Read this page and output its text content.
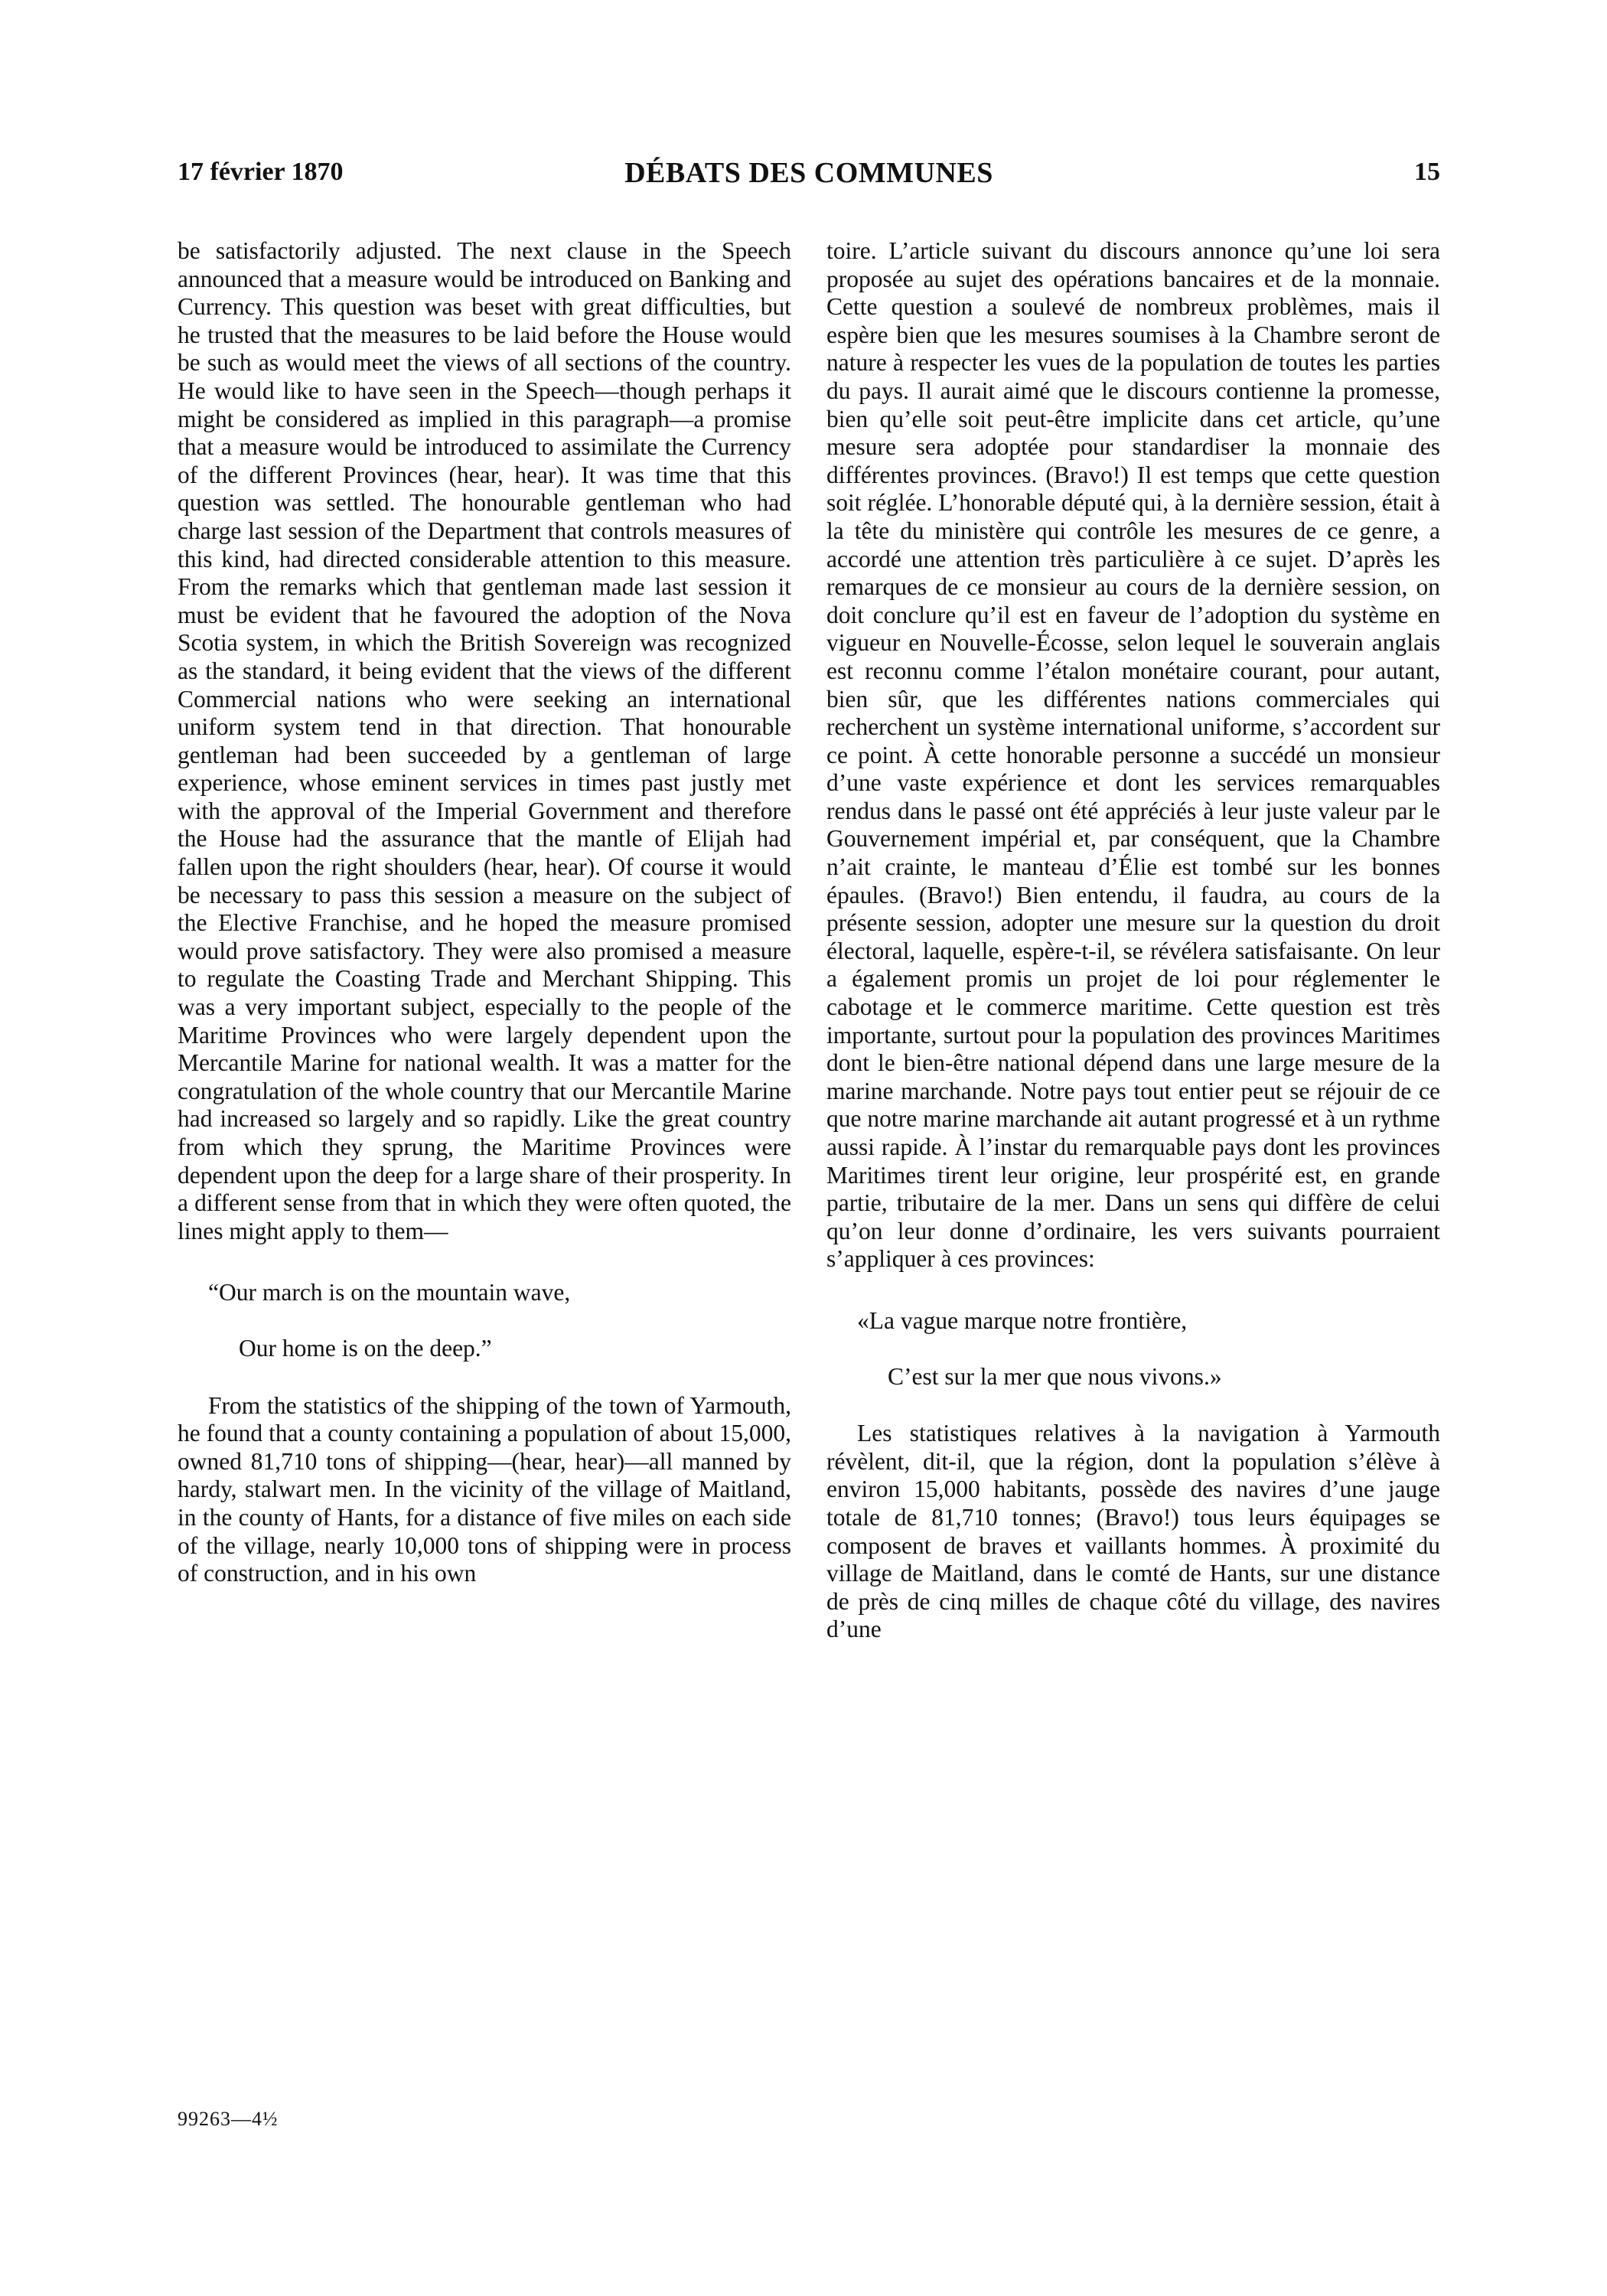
17 février 1870	DÉBATS DES COMMUNES	15

be satisfactorily adjusted. The next clause in the Speech announced that a measure would be introduced on Banking and Currency. This question was beset with great difficulties, but he trusted that the measures to be laid before the House would be such as would meet the views of all sections of the country. He would like to have seen in the Speech—though perhaps it might be considered as implied in this paragraph—a promise that a measure would be introduced to assimilate the Currency of the different Provinces (hear, hear). It was time that this question was settled. The honourable gentleman who had charge last session of the Department that controls measures of this kind, had directed considerable attention to this measure. From the remarks which that gentleman made last session it must be evident that he favoured the adoption of the Nova Scotia system, in which the British Sovereign was recognized as the standard, it being evident that the views of the different Commercial nations who were seeking an international uniform system tend in that direction. That honourable gentleman had been succeeded by a gentleman of large experience, whose eminent services in times past justly met with the approval of the Imperial Government and therefore the House had the assurance that the mantle of Elijah had fallen upon the right shoulders (hear, hear). Of course it would be necessary to pass this session a measure on the subject of the Elective Franchise, and he hoped the measure promised would prove satisfactory. They were also promised a measure to regulate the Coasting Trade and Merchant Shipping. This was a very important subject, especially to the people of the Maritime Provinces who were largely dependent upon the Mercantile Marine for national wealth. It was a matter for the congratulation of the whole country that our Mercantile Marine had increased so largely and so rapidly. Like the great country from which they sprung, the Maritime Provinces were dependent upon the deep for a large share of their prosperity. In a different sense from that in which they were often quoted, the lines might apply to them—

“Our march is on the mountain wave,

Our home is on the deep.”

From the statistics of the shipping of the town of Yarmouth, he found that a county containing a population of about 15,000, owned 81,710 tons of shipping—(hear, hear)—all manned by hardy, stalwart men. In the vicinity of the village of Maitland, in the county of Hants, for a distance of five miles on each side of the village, nearly 10,000 tons of shipping were in process of construction, and in his own

toire. L’article suivant du discours annonce qu’une loi sera proposée au sujet des opérations bancaires et de la monnaie. Cette question a soulevé de nombreux problèmes, mais il espère bien que les mesures soumises à la Chambre seront de nature à respecter les vues de la population de toutes les parties du pays. Il aurait aimé que le discours contienne la promesse, bien qu’elle soit peut-être implicite dans cet article, qu’une mesure sera adoptée pour standardiser la monnaie des différentes provinces. (Bravo!) Il est temps que cette question soit réglée. L’honorable député qui, à la dernière session, était à la tête du ministère qui contrôle les mesures de ce genre, a accordé une attention très particulière à ce sujet. D’après les remarques de ce monsieur au cours de la dernière session, on doit conclure qu’il est en faveur de l’adoption du système en vigueur en Nouvelle-Écosse, selon lequel le souverain anglais est reconnu comme l’étalon monétaire courant, pour autant, bien sûr, que les différentes nations commerciales qui recherchent un système international uniforme, s’accordent sur ce point. À cette honorable personne a succédé un monsieur d’une vaste expérience et dont les services remarquables rendus dans le passé ont été appréciés à leur juste valeur par le Gouvernement impérial et, par conséquent, que la Chambre n’ait crainte, le manteau d’Élie est tombé sur les bonnes épaules. (Bravo!) Bien entendu, il faudra, au cours de la présente session, adopter une mesure sur la question du droit électoral, laquelle, espère-t-il, se révélera satisfaisante. On leur a également promis un projet de loi pour réglementer le cabotage et le commerce maritime. Cette question est très importante, surtout pour la population des provinces Maritimes dont le bien-être national dépend dans une large mesure de la marine marchande. Notre pays tout entier peut se réjouir de ce que notre marine marchande ait autant progressé et à un rythme aussi rapide. À l’instar du remarquable pays dont les provinces Maritimes tirent leur origine, leur prospérité est, en grande partie, tributaire de la mer. Dans un sens qui diffère de celui qu’on leur donne d’ordinaire, les vers suivants pourraient s’appliquer à ces provinces:

«La vague marque notre frontière,

C’est sur la mer que nous vivons.»

Les statistiques relatives à la navigation à Yarmouth révèlent, dit-il, que la région, dont la population s’élève à environ 15,000 habitants, possède des navires d’une jauge totale de 81,710 tonnes; (Bravo!) tous leurs équipages se composent de braves et vaillants hommes. À proximité du village de Maitland, dans le comté de Hants, sur une distance de près de cinq milles de chaque côté du village, des navires d’une

99263—4½
